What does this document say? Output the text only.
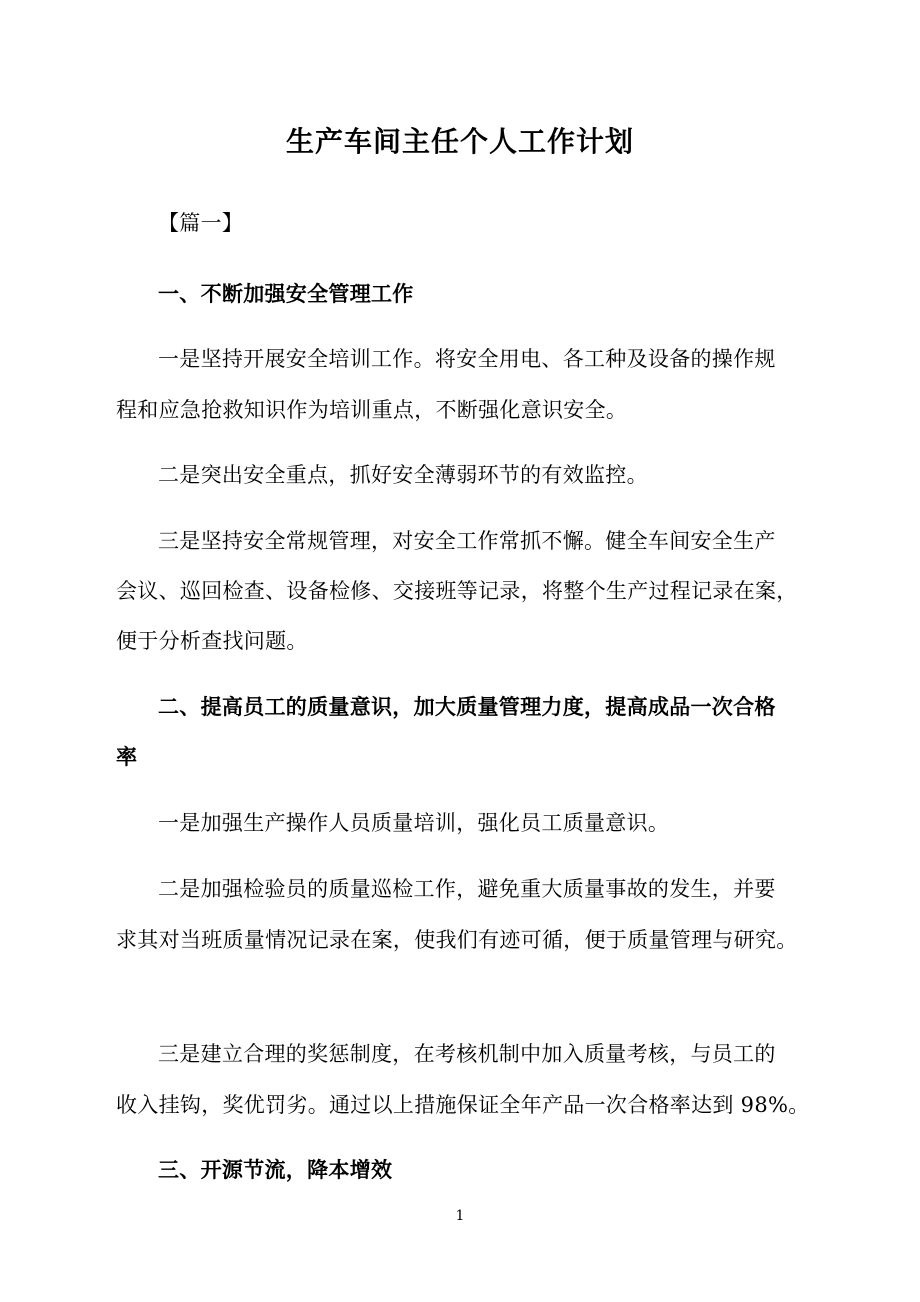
生产车间主任个人工作计划
【篇一】
一、不断加强安全管理工作
一是坚持开展安全培训工作。将安全用电、各工种及设备的操作规
程和应急抢救知识作为培训重点，不断强化意识安全。
二是突出安全重点，抓好安全薄弱环节的有效监控。
三是坚持安全常规管理，对安全工作常抓不懈。健全车间安全生产
会议、巡回检查、设备检修、交接班等记录，将整个生产过程记录在案，
便于分析查找问题。
二、提高员工的质量意识，加大质量管理力度，提高成品一次合格
率
一是加强生产操作人员质量培训，强化员工质量意识。
二是加强检验员的质量巡检工作，避免重大质量事故的发生，并要
求其对当班质量情况记录在案，使我们有迹可循，便于质量管理与研究。
三是建立合理的奖惩制度，在考核机制中加入质量考核，与员工的
收入挂钩，奖优罚劣。通过以上措施保证全年产品一次合格率达到 98%。
三、开源节流，降本增效
1
